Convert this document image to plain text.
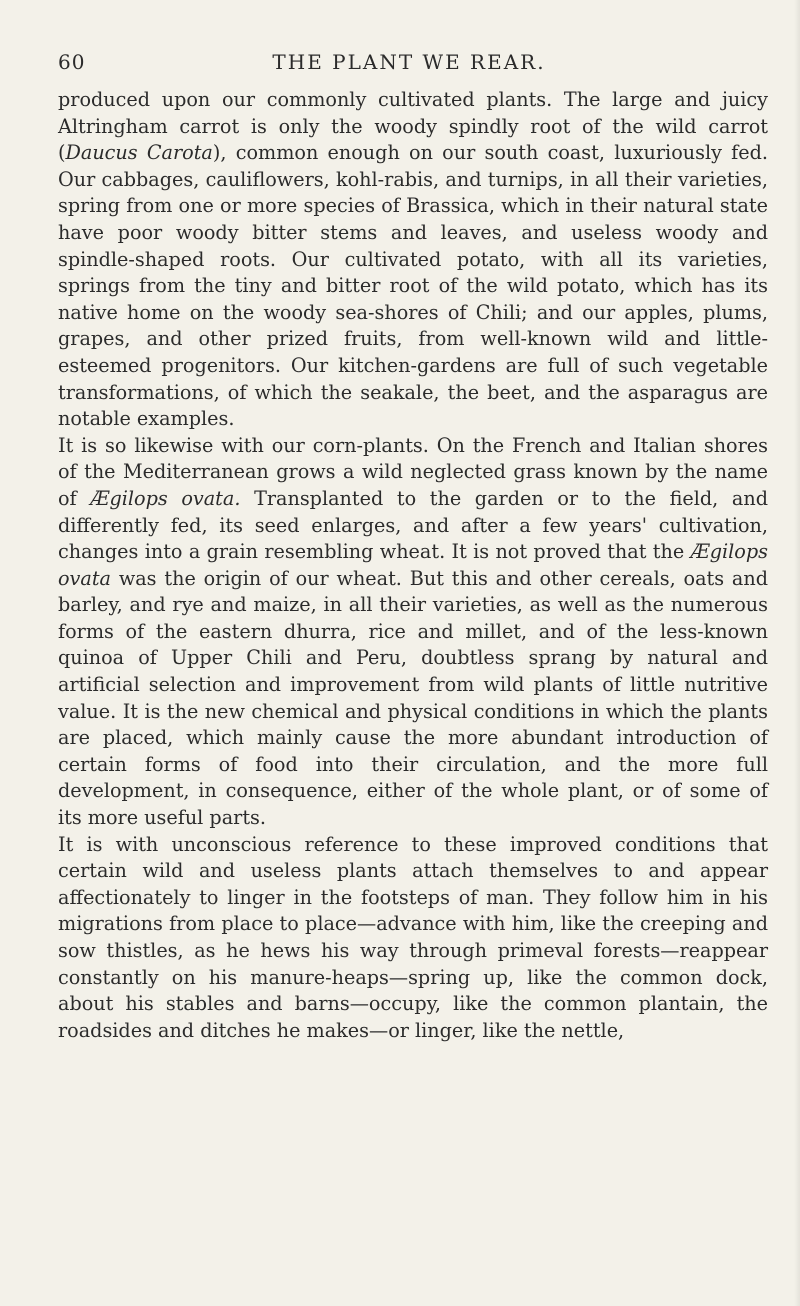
60	THE PLANT WE REAR.

produced upon our commonly cultivated plants. The large and juicy Altringham carrot is only the woody spindly root of the wild carrot (Daucus Carota), common enough on our south coast, luxuriously fed. Our cabbages, cauliflowers, kohl-rabis, and turnips, in all their varieties, spring from one or more species of Brassica, which in their natural state have poor woody bitter stems and leaves, and useless woody and spindle-shaped roots. Our cultivated potato, with all its varieties, springs from the tiny and bitter root of the wild potato, which has its native home on the woody sea-shores of Chili; and our apples, plums, grapes, and other prized fruits, from well-known wild and little-esteemed progenitors. Our kitchen-gardens are full of such vegetable transformations, of which the seakale, the beet, and the asparagus are notable examples.

It is so likewise with our corn-plants. On the French and Italian shores of the Mediterranean grows a wild neglected grass known by the name of Ægilops ovata. Transplanted to the garden or to the field, and differently fed, its seed enlarges, and after a few years' cultivation, changes into a grain resembling wheat. It is not proved that the Ægilops ovata was the origin of our wheat. But this and other cereals, oats and barley, and rye and maize, in all their varieties, as well as the numerous forms of the eastern dhurra, rice and millet, and of the less-known quinoa of Upper Chili and Peru, doubtless sprang by natural and artificial selection and improvement from wild plants of little nutritive value. It is the new chemical and physical conditions in which the plants are placed, which mainly cause the more abundant introduction of certain forms of food into their circulation, and the more full development, in consequence, either of the whole plant, or of some of its more useful parts.

It is with unconscious reference to these improved conditions that certain wild and useless plants attach themselves to and appear affectionately to linger in the footsteps of man. They follow him in his migrations from place to place—advance with him, like the creeping and sow thistles, as he hews his way through primeval forests—reappear constantly on his manure-heaps—spring up, like the common dock, about his stables and barns—occupy, like the common plantain, the roadsides and ditches he makes—or linger, like the nettle,
